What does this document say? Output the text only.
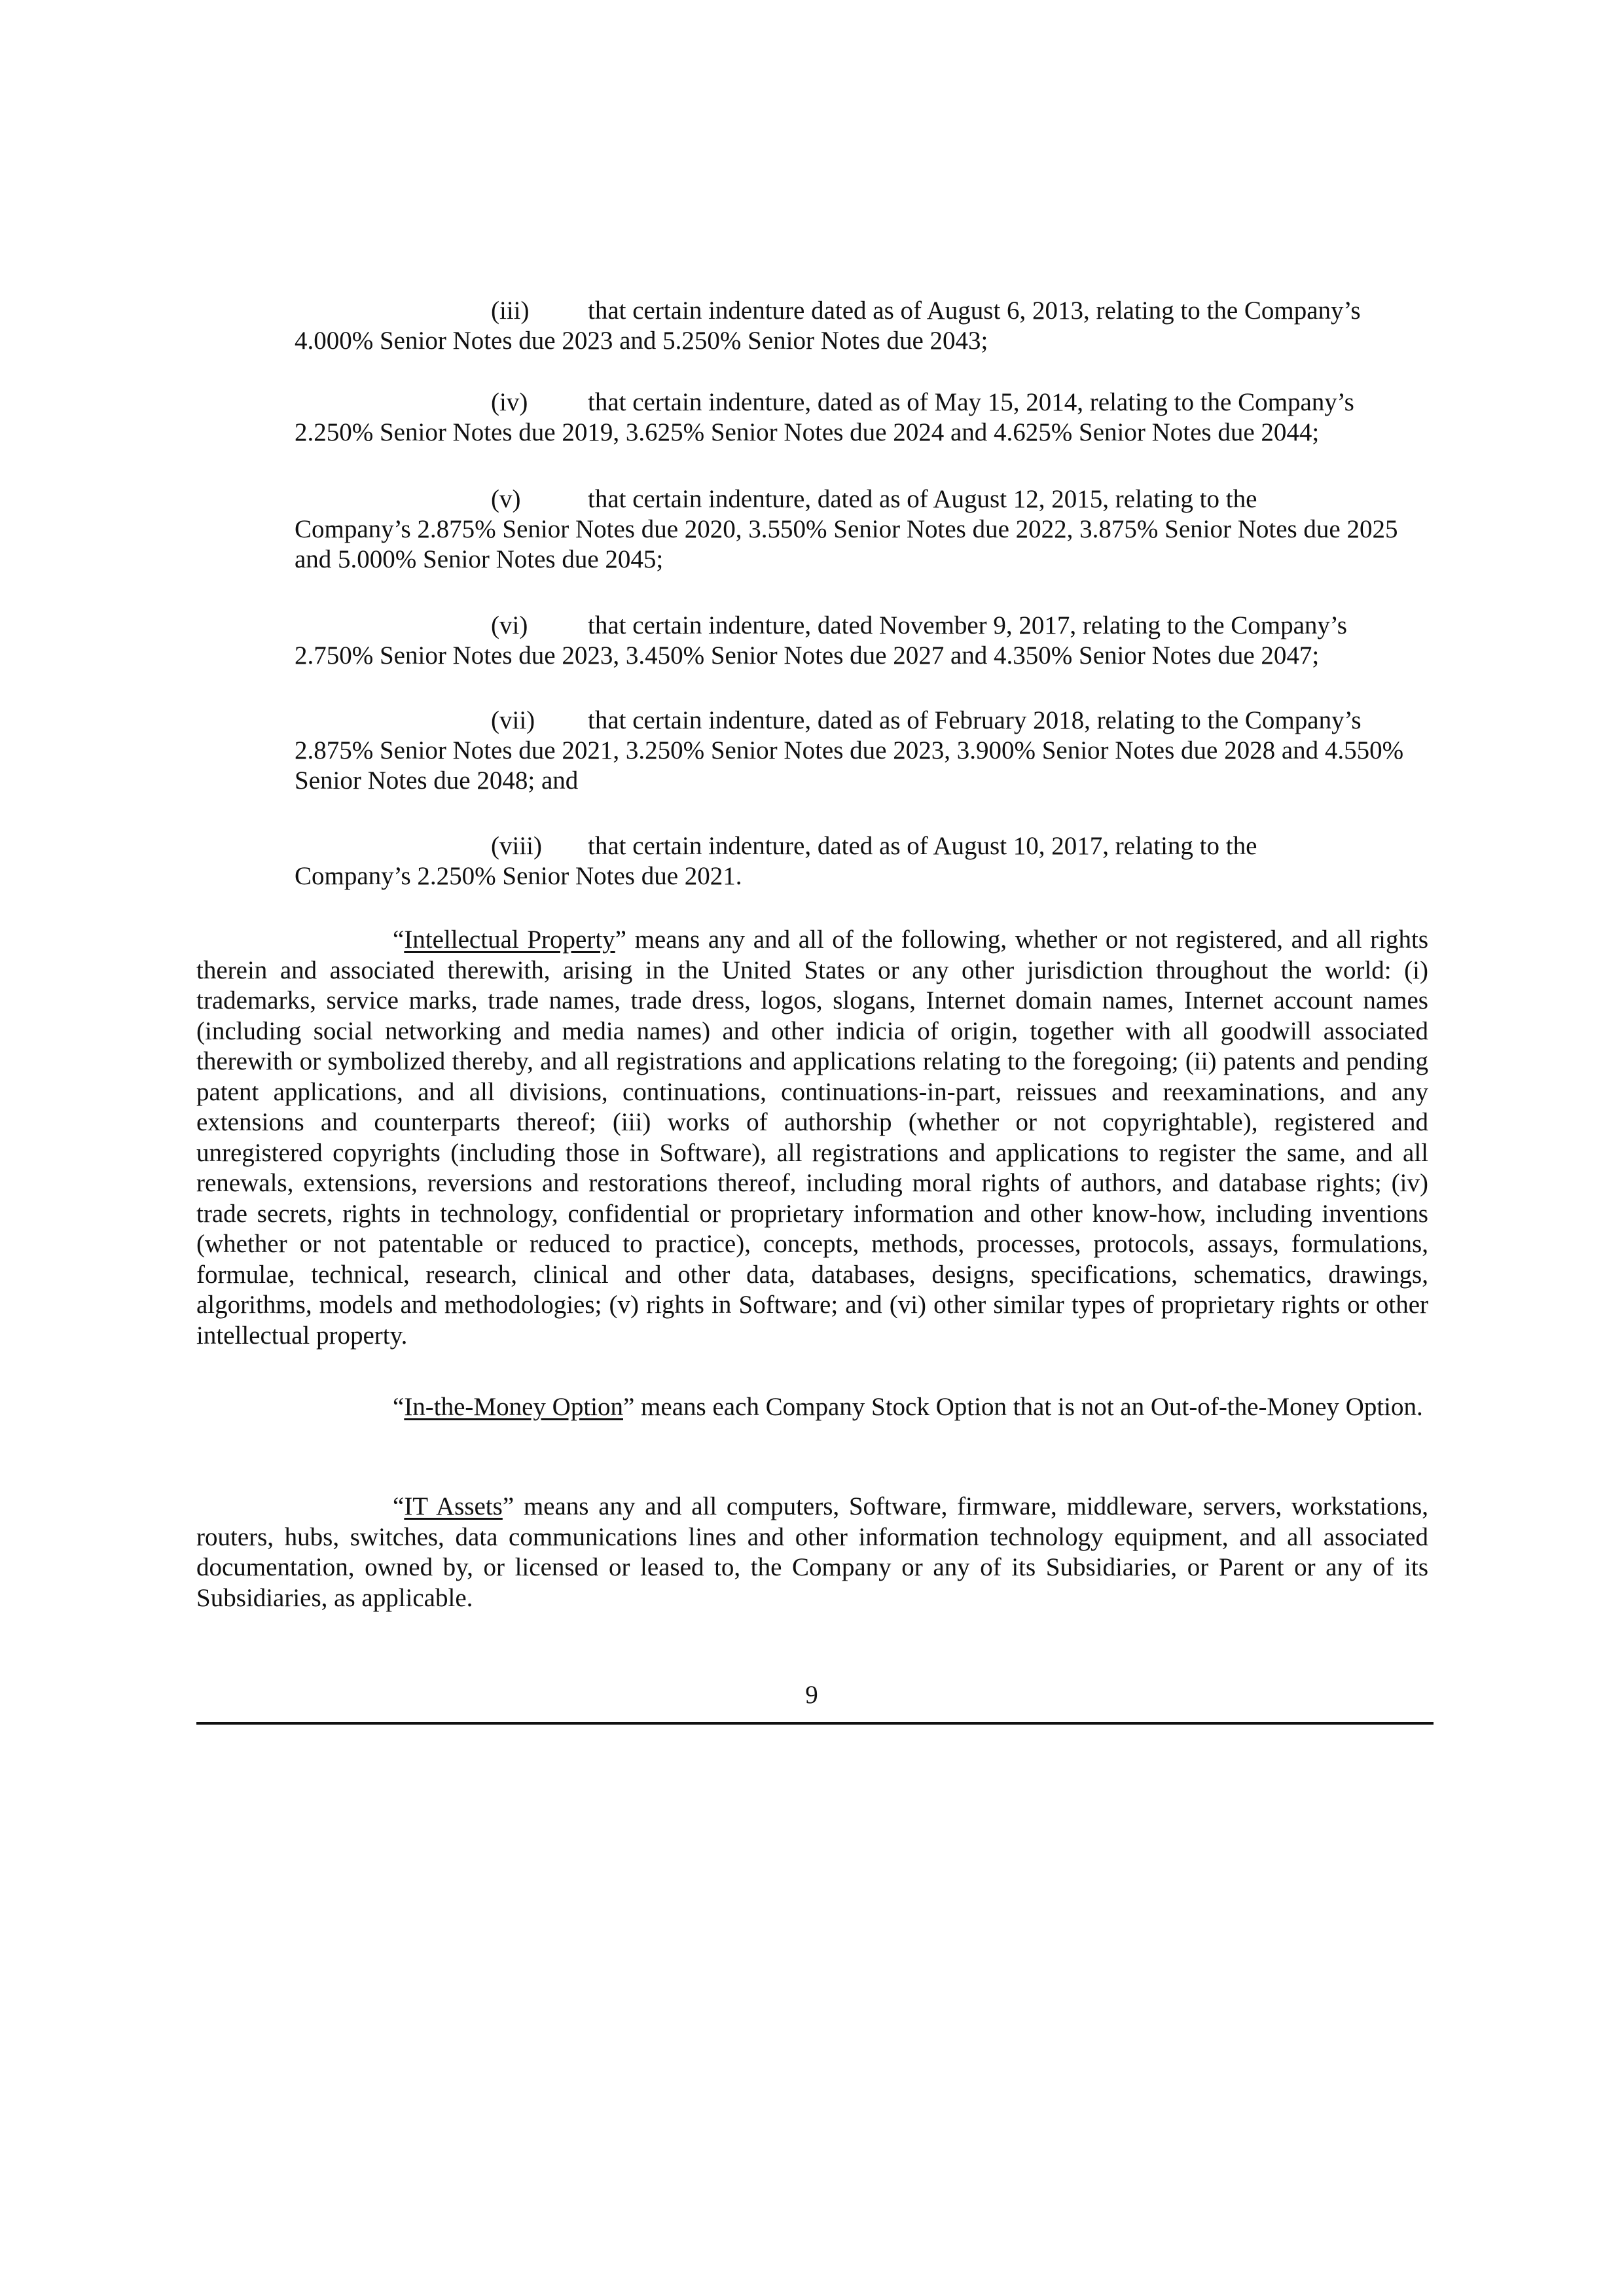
(iii) that certain indenture dated as of August 6, 2013, relating to the Company’s
4.000% Senior Notes due 2023 and 5.250% Senior Notes due 2043;
(iv) that certain indenture, dated as of May 15, 2014, relating to the Company’s
2.250% Senior Notes due 2019, 3.625% Senior Notes due 2024 and 4.625% Senior Notes due 2044;
(v)	that certain indenture, dated as of August 12, 2015, relating to the
Company’s 2.875% Senior Notes due 2020, 3.550% Senior Notes due 2022, 3.875% Senior Notes due 2025 and 5.000% Senior Notes due 2045;
(vi) that certain indenture, dated November 9, 2017, relating to the Company’s
2.750% Senior Notes due 2023, 3.450% Senior Notes due 2027 and 4.350% Senior Notes due 2047;
(vii) that certain indenture, dated as of February 2018, relating to the Company’s
2.875% Senior Notes due 2021, 3.250% Senior Notes due 2023, 3.900% Senior Notes due 2028 and 4.550% Senior Notes due 2048; and
(viii) that certain indenture, dated as of August 10, 2017, relating to the
Company’s 2.250% Senior Notes due 2021.
“Intellectual Property” means any and all of the following, whether or not registered, and all rights therein and associated therewith, arising in the United States or any other jurisdiction throughout the world: (i) trademarks, service marks, trade names, trade dress, logos, slogans, Internet domain names, Internet account names (including social networking and media names) and other indicia of origin, together with all goodwill associated therewith or symbolized thereby, and all registrations and applications relating to the foregoing; (ii) patents and pending patent applications, and all divisions, continuations, continuations-in-part, reissues and reexaminations, and any extensions and counterparts thereof; (iii) works of authorship (whether or not copyrightable), registered and unregistered copyrights (including those in Software), all registrations and applications to register the same, and all renewals, extensions, reversions and restorations thereof, including moral rights of authors, and database rights; (iv) trade secrets, rights in technology, confidential or proprietary information and other know-how, including inventions (whether or not patentable or reduced to practice), concepts, methods, processes, protocols, assays, formulations, formulae, technical, research, clinical and other data, databases, designs, specifications, schematics, drawings, algorithms, models and methodologies; (v) rights in Software; and (vi) other similar types of proprietary rights or other intellectual property.
“In-the-Money Option” means each Company Stock Option that is not an Out-of-the-Money Option.
“IT Assets” means any and all computers, Software, firmware, middleware, servers, workstations, routers, hubs, switches, data communications lines and other information technology equipment, and all associated documentation, owned by, or licensed or leased to, the Company or any of its Subsidiaries, or Parent or any of its Subsidiaries, as applicable.
9
